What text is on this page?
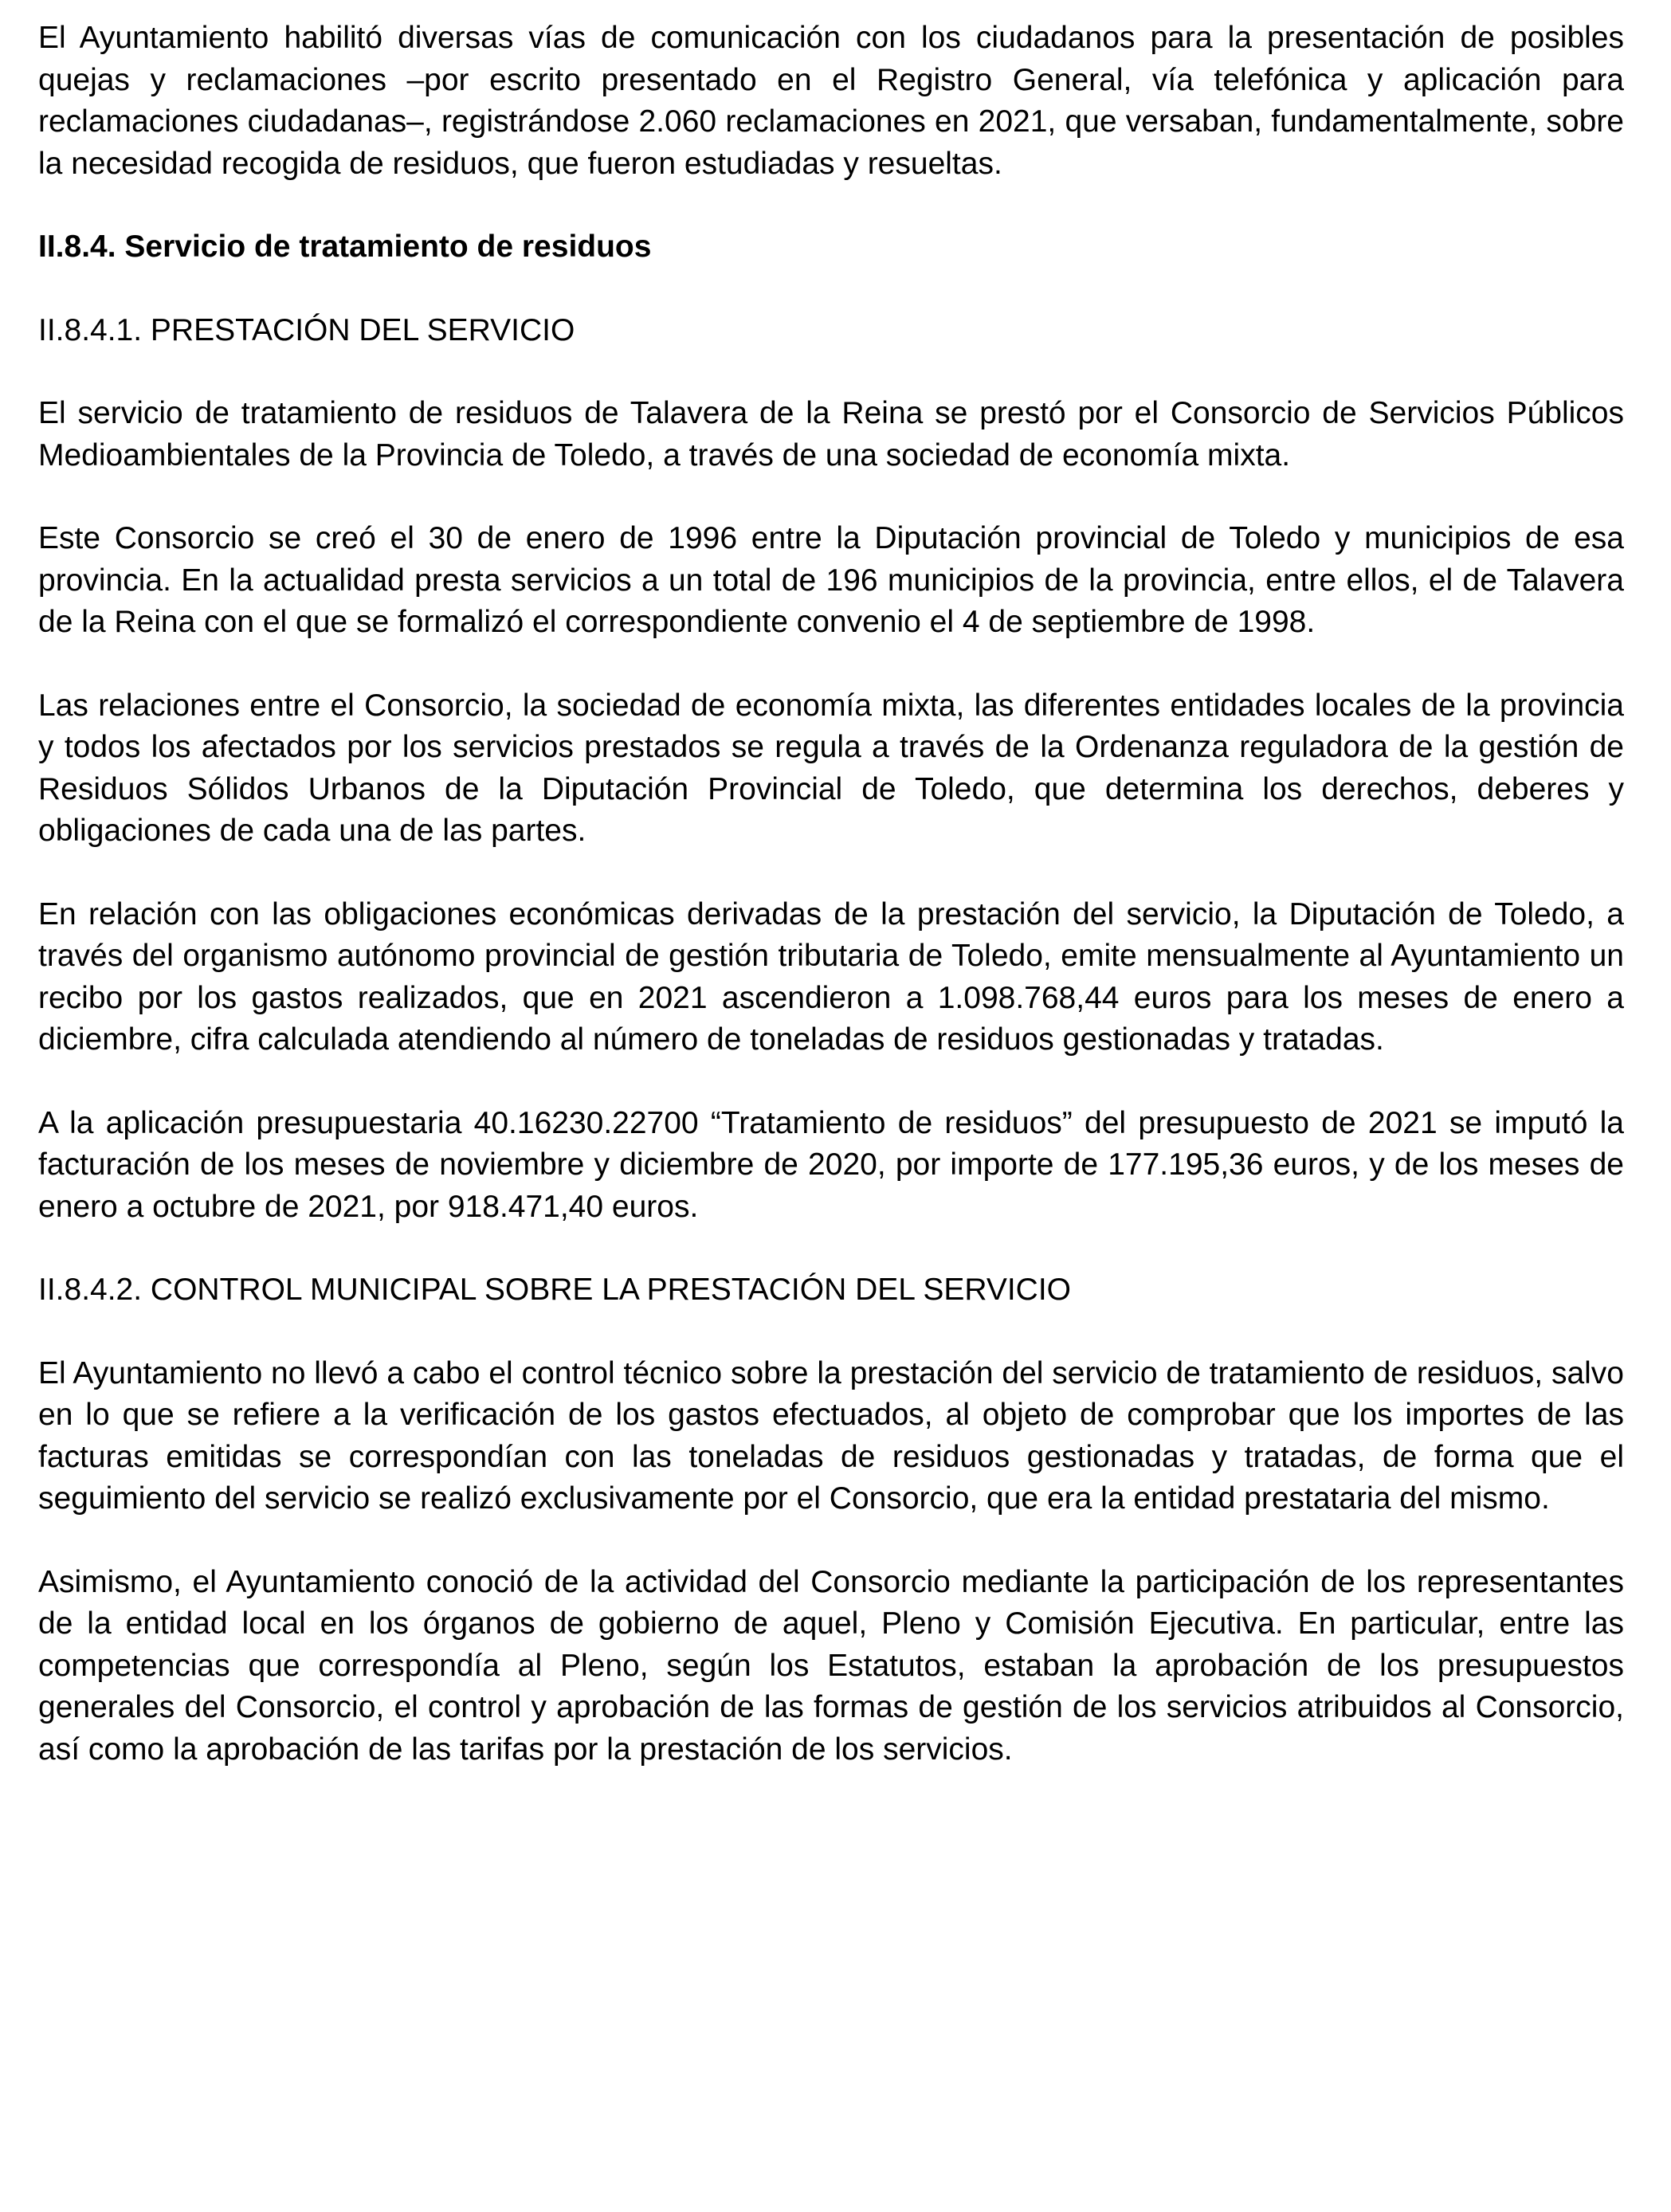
El Ayuntamiento habilitó diversas vías de comunicación con los ciudadanos para la presentación de posibles quejas y reclamaciones ‒por escrito presentado en el Registro General, vía telefónica y aplicación para reclamaciones ciudadanas‒, registrándose 2.060 reclamaciones en 2021, que versaban, fundamentalmente, sobre la necesidad recogida de residuos, que fueron estudiadas y resueltas.

II.8.4. Servicio de tratamiento de residuos
II.8.4.1. PRESTACIÓN DEL SERVICIO

El servicio de tratamiento de residuos de Talavera de la Reina se prestó por el Consorcio de Servicios Públicos Medioambientales de la Provincia de Toledo, a través de una sociedad de economía mixta.

Este Consorcio se creó el 30 de enero de 1996 entre la Diputación provincial de Toledo y municipios de esa provincia. En la actualidad presta servicios a un total de 196 municipios de la provincia, entre ellos, el de Talavera de la Reina con el que se formalizó el correspondiente convenio el 4 de septiembre de 1998.

Las relaciones entre el Consorcio, la sociedad de economía mixta, las diferentes entidades locales de la provincia y todos los afectados por los servicios prestados se regula a través de la Ordenanza reguladora de la gestión de Residuos Sólidos Urbanos de la Diputación Provincial de Toledo, que determina los derechos, deberes y obligaciones de cada una de las partes.

En relación con las obligaciones económicas derivadas de la prestación del servicio, la Diputación de Toledo, a través del organismo autónomo provincial de gestión tributaria de Toledo, emite mensualmente al Ayuntamiento un recibo por los gastos realizados, que en 2021 ascendieron a 1.098.768,44 euros para los meses de enero a diciembre, cifra calculada atendiendo al número de toneladas de residuos gestionadas y tratadas.

A la aplicación presupuestaria 40.16230.22700 “Tratamiento de residuos” del presupuesto de 2021 se imputó la facturación de los meses de noviembre y diciembre de 2020, por importe de 177.195,36 euros, y de los meses de enero a octubre de 2021, por 918.471,40 euros.

II.8.4.2. CONTROL MUNICIPAL SOBRE LA PRESTACIÓN DEL SERVICIO

El Ayuntamiento no llevó a cabo el control técnico sobre la prestación del servicio de tratamiento de residuos, salvo en lo que se refiere a la verificación de los gastos efectuados, al objeto de comprobar que los importes de las facturas emitidas se correspondían con las toneladas de residuos gestionadas y tratadas, de forma que el seguimiento del servicio se realizó exclusivamente por el Consorcio, que era la entidad prestataria del mismo.

Asimismo, el Ayuntamiento conoció de la actividad del Consorcio mediante la participación de los representantes de la entidad local en los órganos de gobierno de aquel, Pleno y Comisión Ejecutiva. En particular, entre las competencias que correspondía al Pleno, según los Estatutos, estaban la aprobación de los presupuestos generales del Consorcio, el control y aprobación de las formas de gestión de los servicios atribuidos al Consorcio, así como la aprobación de las tarifas por la prestación de los servicios.
